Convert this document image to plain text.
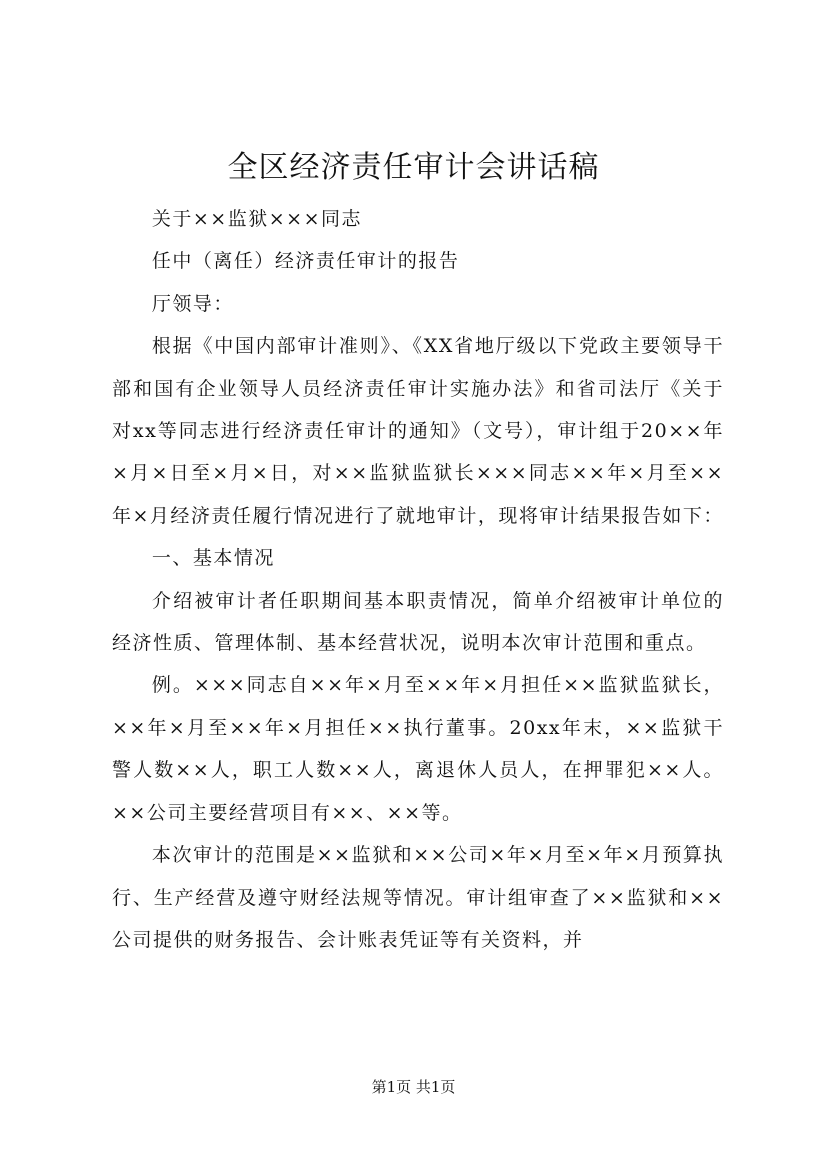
全区经济责任审计会讲话稿

关于××监狱×××同志

任中（离任）经济责任审计的报告

厅领导：

根据《中国内部审计准则》、《XX省地厅级以下党政主要领导干部和国有企业领导人员经济责任审计实施办法》和省司法厅《关于对xx等同志进行经济责任审计的通知》（文号），审计组于20××年×月×日至×月×日，对××监狱监狱长×××同志××年×月至××年×月经济责任履行情况进行了就地审计，现将审计结果报告如下：

一、基本情况

介绍被审计者任职期间基本职责情况，简单介绍被审计单位的经济性质、管理体制、基本经营状况，说明本次审计范围和重点。

例。×××同志自××年×月至××年×月担任××监狱监狱长，××年×月至××年×月担任××执行董事。20xx年末，××监狱干警人数××人，职工人数××人，离退休人员人，在押罪犯××人。××公司主要经营项目有××、××等。

本次审计的范围是××监狱和××公司×年×月至×年×月预算执行、生产经营及遵守财经法规等情况。审计组审查了××监狱和××公司提供的财务报告、会计账表凭证等有关资料，并

第1页 共1页
